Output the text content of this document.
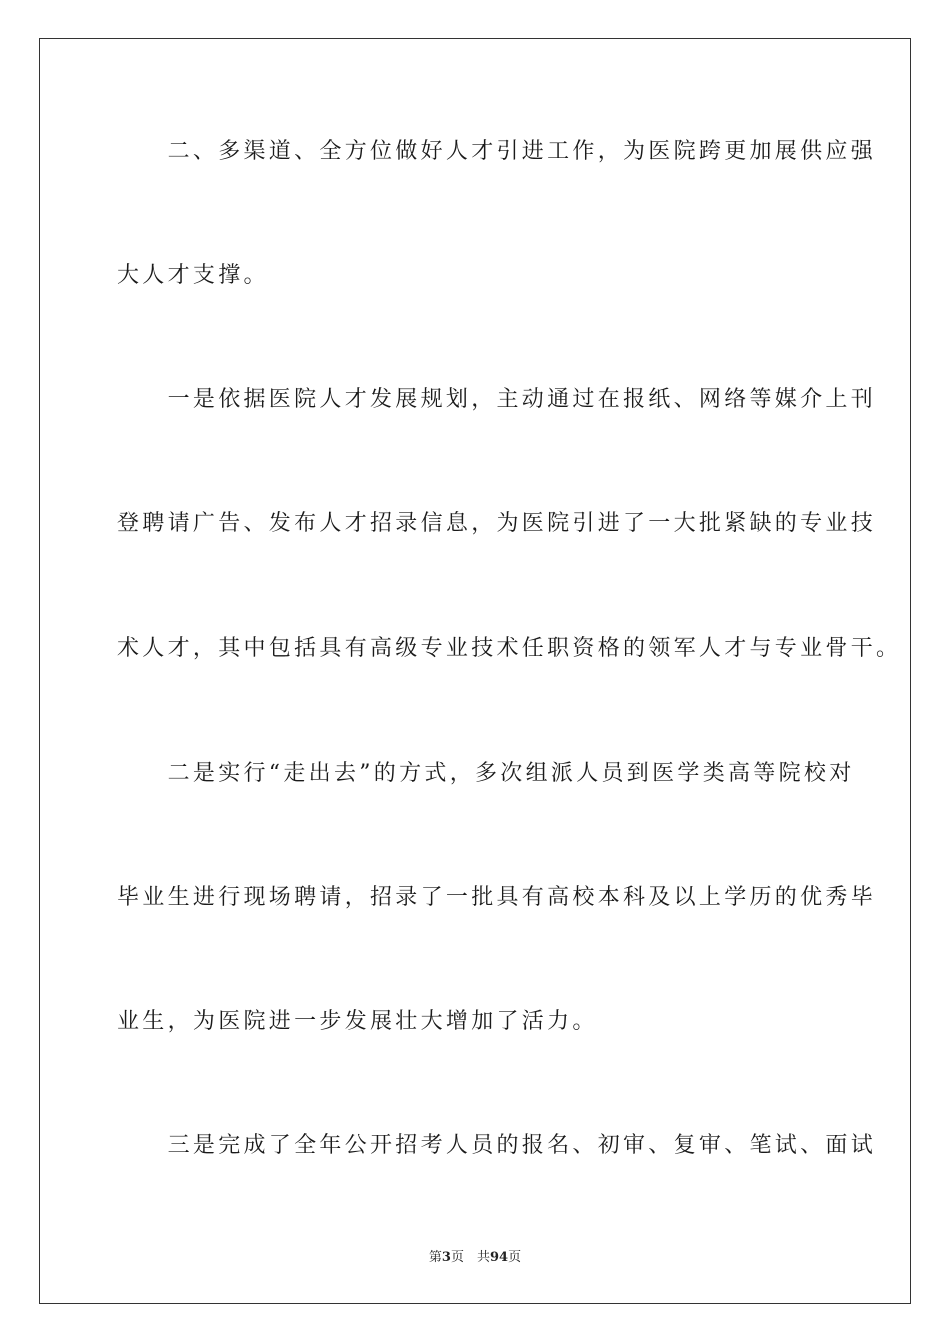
　　二、多渠道、全方位做好人才引进工作，为医院跨更加展供应强

大人才支撑。

　　一是依据医院人才发展规划，主动通过在报纸、网络等媒介上刊

登聘请广告、发布人才招录信息，为医院引进了一大批紧缺的专业技

术人才，其中包括具有高级专业技术任职资格的领军人才与专业骨干。

　　二是实行“走出去”的方式，多次组派人员到医学类高等院校对

毕业生进行现场聘请，招录了一批具有高校本科及以上学历的优秀毕

业生，为医院进一步发展壮大增加了活力。

　　三是完成了全年公开招考人员的报名、初审、复审、笔试、面试

第3页　共94页
